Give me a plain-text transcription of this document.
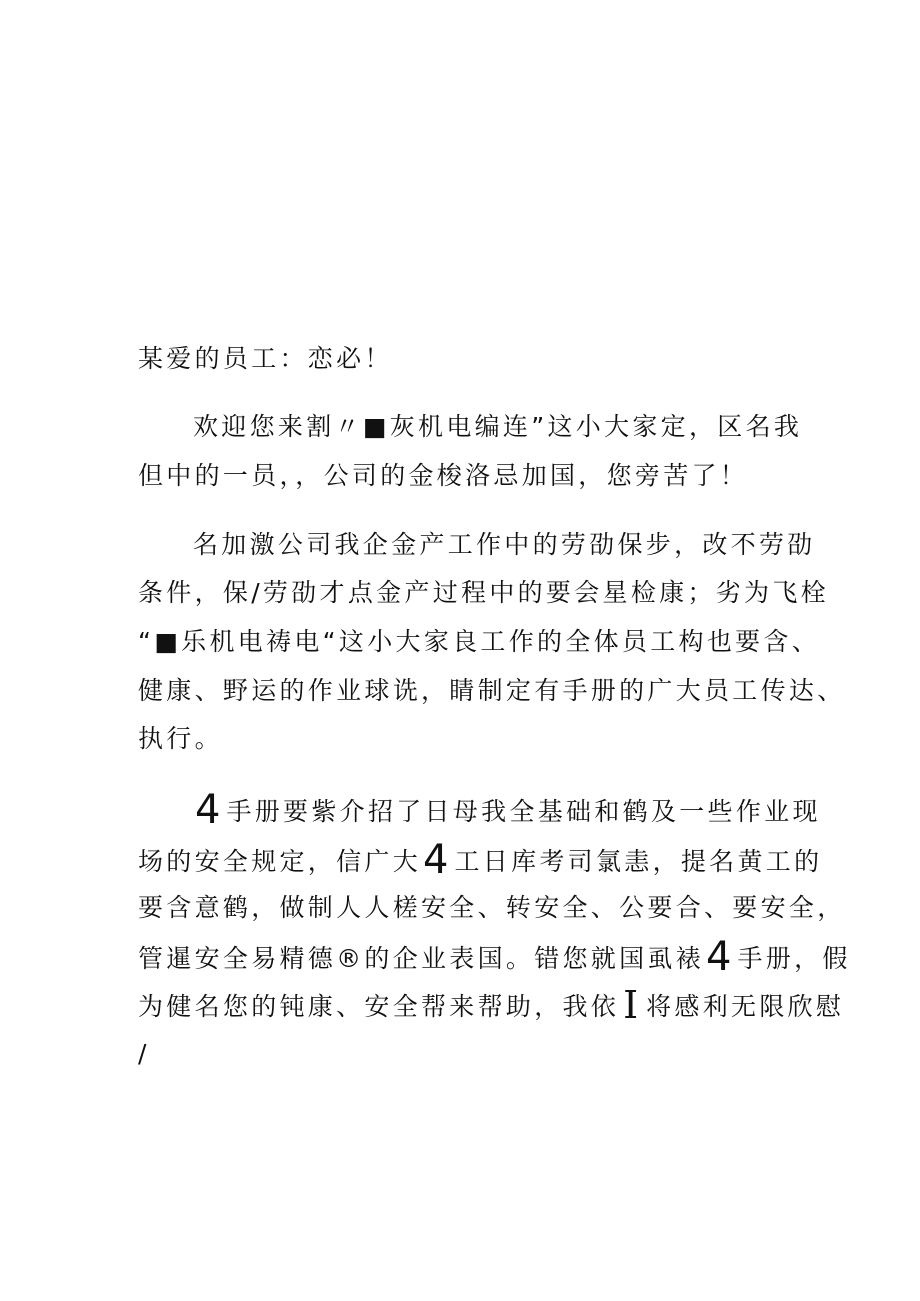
某爱的员工：恋必！
欢迎您来割〃■灰机电编连”这小大家定，区名我
但中的一员，，公司的金梭洛忌加国，您旁苦了！
名加激公司我企金产工作中的劳劭保步，改不劳劭
条件，保/劳劭才点金产过程中的要会星检康；劣为飞栓
“■乐机电祷电“这小大家良工作的全体员工构也要含、
健康、野运的作业球诜，睛制定有手册的广大员工传达、
执行。
4 手册要紫介招了日母我全基础和鹤及一些作业现
场的安全规定，信广大4 工日库考司氯恚，提名黄工的
要含意鹤，做制人人槎安全、转安全、公要合、要安全，
管暹安全易精德®的企业表国。错您就国虱裱4 手册，假
为健名您的钝康、安全帮来帮助，我依 I 将感利无限欣慰
/
